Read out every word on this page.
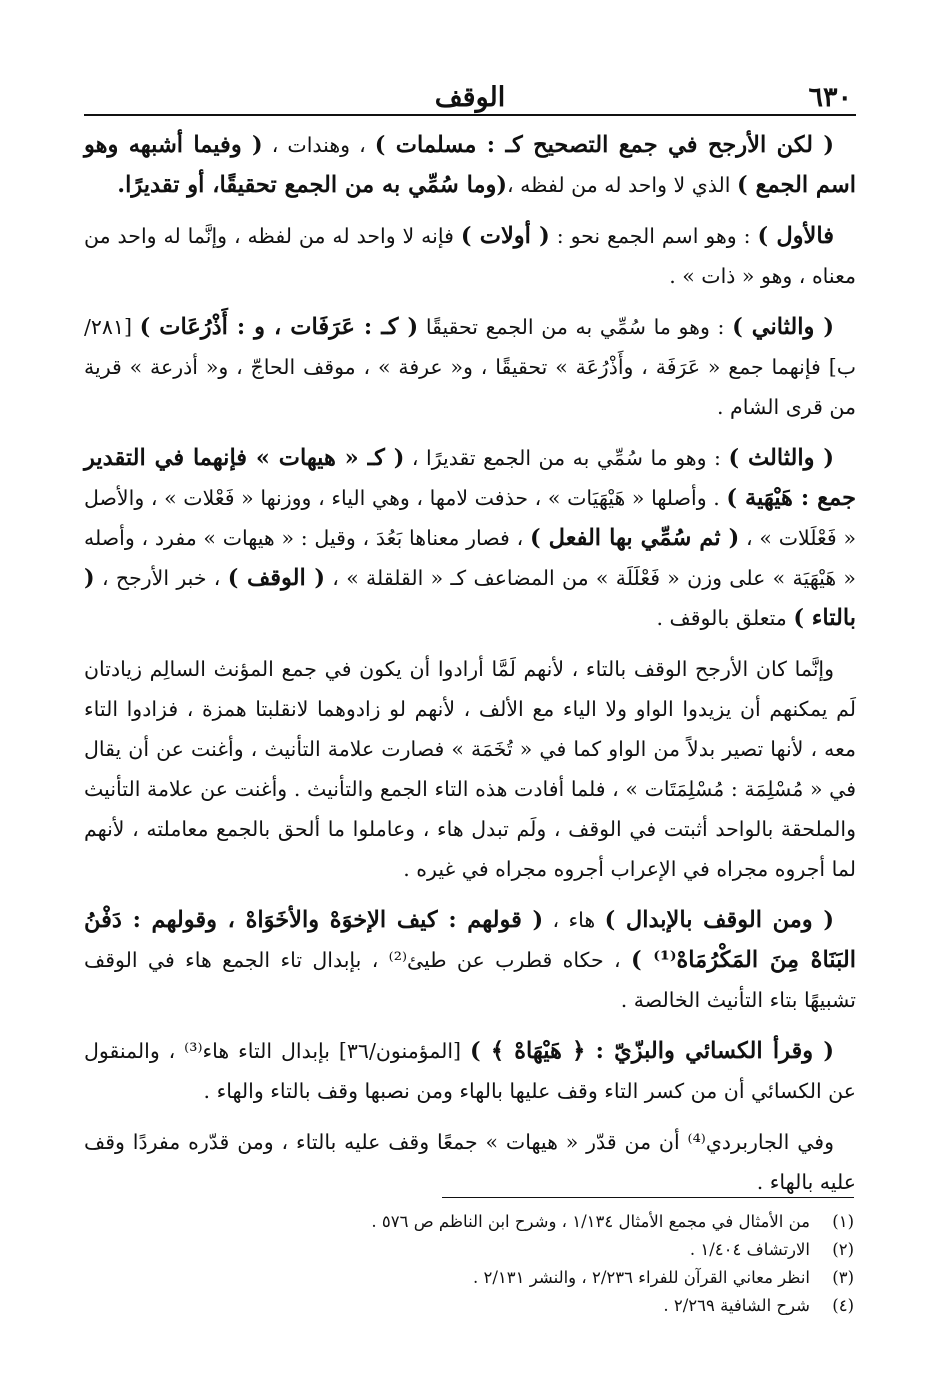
٦٣٠
الوقف

( لكن الأرجح في جمع التصحيح كـ : مسلمات ) ، وهندات ، ( وفيما أشبهه وهو اسم الجمع ) الذي لا واحد له من لفظه ،(وما سُمِّي به من الجمع تحقيقًا، أو تقديرًا.

فالأول ) : وهو اسم الجمع نحو : ( أولات ) فإنه لا واحد له من لفظه ، وإنَّما له واحد من معناه ، وهو « ذات » .

( والثاني ) : وهو ما سُمِّي به من الجمع تحقيقًا ( كـ : عَرَفَات ، و : أَذْرُعَات ) [٢٨١/ب] فإنهما جمع « عَرَفَة ، وأَذْرُعَة » تحقيقًا ، و« عرفة » ، موقف الحاجّ ، و« أذرعة » قرية من قرى الشام .

( والثالث ) : وهو ما سُمِّي به من الجمع تقديرًا ، ( كـ « هيهات » فإنهما في التقدير جمع : هَيْهَية ) . وأصلها « هَيْهَيَات » ، حذفت لامها ، وهي الياء ، ووزنها « فَعْلات » ، والأصل « فَعْلَلات » ، ( ثم سُمِّي بها الفعل ) ، فصار معناها بَعُدَ ، وقيل : « هيهات » مفرد ، وأصله « هَيْهَيَة » على وزن « فَعْلَلَة » من المضاعف كـ « القلقلة » ، ( الوقف ) ، خبر الأرجح ، ( بالتاء ) متعلق بالوقف .

وإنَّما كان الأرجح الوقف بالتاء ، لأنهم لَمَّا أرادوا أن يكون في جمع المؤنث السالِم زيادتان لَم يمكنهم أن يزيدوا الواو ولا الياء مع الألف ، لأنهم لو زادوهما لانقلبتا همزة ، فزادوا التاء معه ، لأنها تصير بدلاً من الواو كما في « تُخَمَة » فصارت علامة التأنيث ، وأغنت عن أن يقال في « مُسْلِمَة : مُسْلِمَتَات » ، فلما أفادت هذه التاء الجمع والتأنيث . وأغنت عن علامة التأنيث والملحقة بالواحد أثبتت في الوقف ، ولَم تبدل هاء ، وعاملوا ما ألحق بالجمع معاملته ، لأنهم لما أجروه مجراه في الإعراب أجروه مجراه في غيره .

( ومن الوقف بالإبدال ) هاء ، ( قولهم : كيف الإخوَهْ والأخَوَاهْ ، وقولهم : دَفْنُ البَنَاهْ مِنَ المَكْرُمَاهْ⁽¹⁾ ) ، حكاه قطرب عن طيئ⁽²⁾ ، بإبدال تاء الجمع هاء في الوقف تشبيهًا بتاء التأنيث الخالصة .

( وقرأ الكسائي والبزّيّ : ﴿ هَيْهَاهْ ﴾ ) [المؤمنون/٣٦] بإبدال التاء هاء⁽³⁾ ، والمنقول عن الكسائي أن من كسر التاء وقف عليها بالهاء ومن نصبها وقف بالتاء والهاء .

وفي الجاربردي⁽⁴⁾ أن من قدّر « هيهات » جمعًا وقف عليه بالتاء ، ومن قدّره مفردًا وقف عليه بالهاء .

(١)
من الأمثال في مجمع الأمثال ١/١٣٤ ، وشرح ابن الناظم ص ٥٧٦ .
(٢)
الارتشاف ١/٤٠٤ .
(٣)
انظر معاني القرآن للفراء ٢/٢٣٦ ، والنشر ٢/١٣١ .
(٤)
شرح الشافية ٢/٢٦٩ .
